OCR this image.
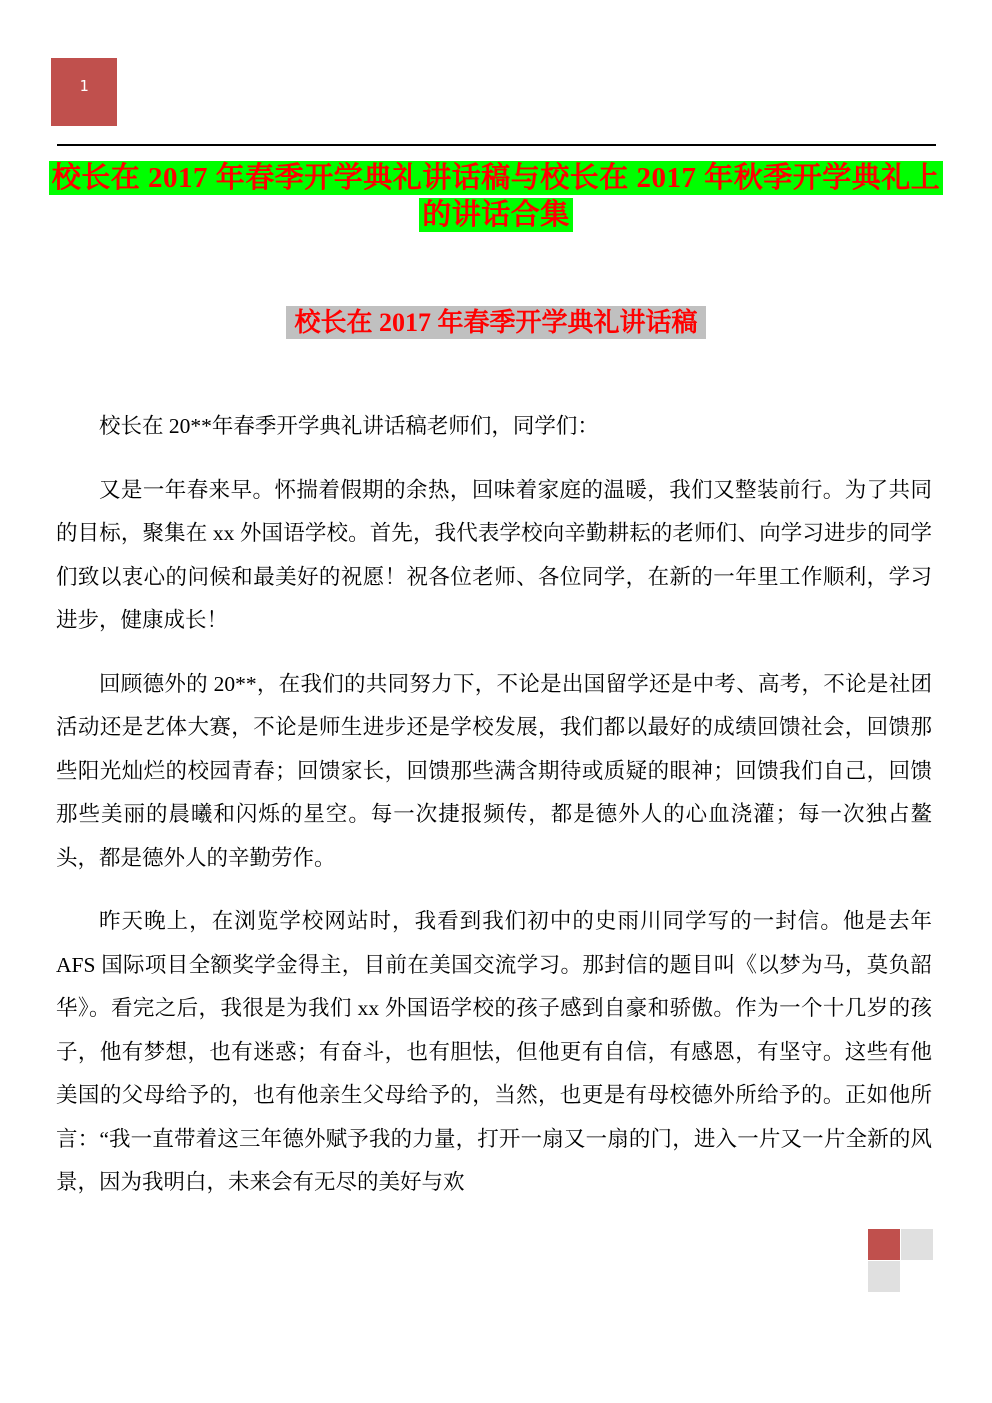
1
校长在 2017 年春季开学典礼讲话稿与校长在 2017 年秋季开学典礼上
的讲话合集
校长在 2017 年春季开学典礼讲话稿

校长在 20**年春季开学典礼讲话稿老师们，同学们：

又是一年春来早。怀揣着假期的余热，回味着家庭的温暖，我们又整装前行。为了共同的目标，聚集在 xx 外国语学校。首先，我代表学校向辛勤耕耘的老师们、向学习进步的同学们致以衷心的问候和最美好的祝愿！祝各位老师、各位同学，在新的一年里工作顺利，学习进步，健康成长！

回顾德外的 20**，在我们的共同努力下，不论是出国留学还是中考、高考，不论是社团活动还是艺体大赛，不论是师生进步还是学校发展，我们都以最好的成绩回馈社会，回馈那些阳光灿烂的校园青春；回馈家长，回馈那些满含期待或质疑的眼神；回馈我们自己，回馈那些美丽的晨曦和闪烁的星空。每一次捷报频传，都是德外人的心血浇灌；每一次独占鳌头，都是德外人的辛勤劳作。

昨天晚上，在浏览学校网站时，我看到我们初中的史雨川同学写的一封信。他是去年 AFS 国际项目全额奖学金得主，目前在美国交流学习。那封信的题目叫《以梦为马，莫负韶华》。看完之后，我很是为我们 xx 外国语学校的孩子感到自豪和骄傲。作为一个十几岁的孩子，他有梦想，也有迷惑；有奋斗，也有胆怯，但他更有自信，有感恩，有坚守。这些有他美国的父母给予的，也有他亲生父母给予的，当然，也更是有母校德外所给予的。正如他所言：“我一直带着这三年德外赋予我的力量，打开一扇又一扇的门，进入一片又一片全新的风景，因为我明白，未来会有无尽的美好与欢
